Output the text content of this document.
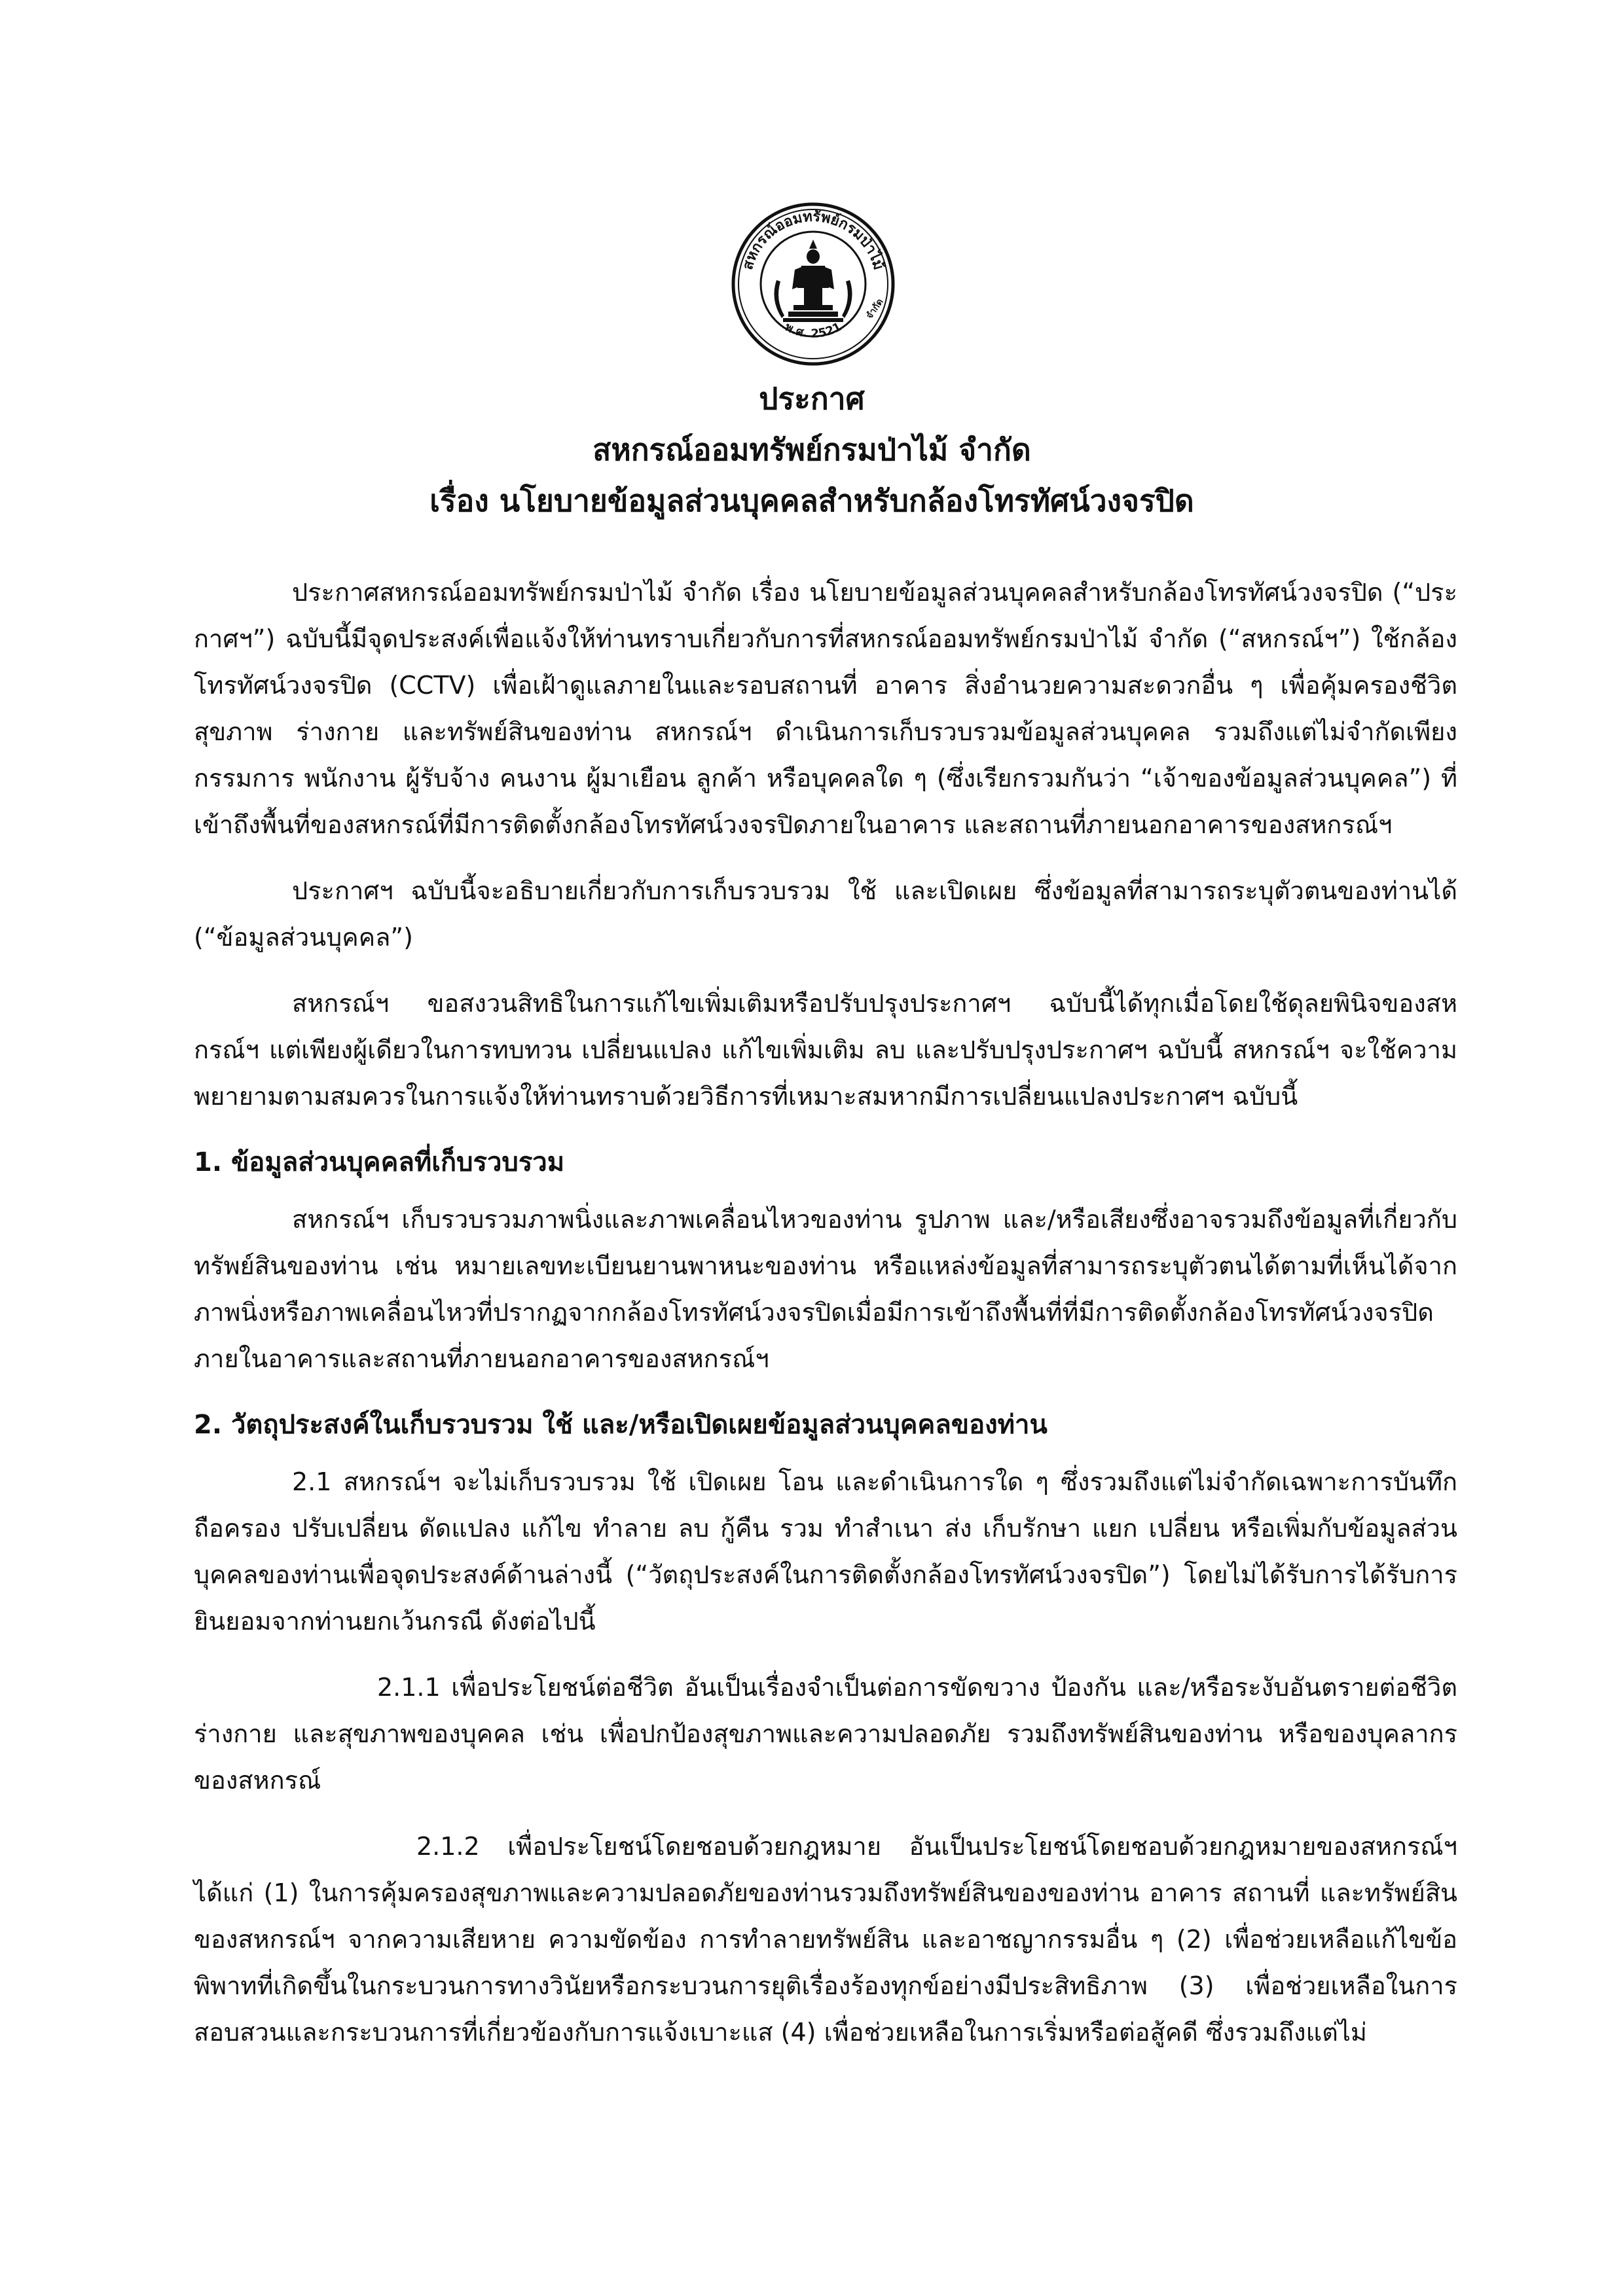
สหกรณ์ออมทรัพย์กรมป่าไม้
พ.ศ. 2521
จำกัด

ประกาศ

สหกรณ์ออมทรัพย์กรมป่าไม้ จำกัด

เรื่อง นโยบายข้อมูลส่วนบุคคลสำหรับกล้องโทรทัศน์วงจรปิด

ประกาศสหกรณ์ออมทรัพย์กรมป่าไม้ จำกัด เรื่อง นโยบายข้อมูลส่วนบุคคลสำหรับกล้องโทรทัศน์วงจรปิด (“ประกาศฯ”) ฉบับนี้มีจุดประสงค์เพื่อแจ้งให้ท่านทราบเกี่ยวกับการที่สหกรณ์ออมทรัพย์กรมป่าไม้ จำกัด (“สหกรณ์ฯ”) ใช้กล้องโทรทัศน์วงจรปิด (CCTV) เพื่อเฝ้าดูแลภายในและรอบสถานที่ อาคาร สิ่งอำนวยความสะดวกอื่น ๆ เพื่อคุ้มครองชีวิต สุขภาพ ร่างกาย และทรัพย์สินของท่าน สหกรณ์ฯ ดำเนินการเก็บรวบรวมข้อมูลส่วนบุคคล รวมถึงแต่ไม่จำกัดเพียงกรรมการ พนักงาน ผู้รับจ้าง คนงาน ผู้มาเยือน ลูกค้า หรือบุคคลใด ๆ (ซึ่งเรียกรวมกันว่า “เจ้าของข้อมูลส่วนบุคคล”) ที่เข้าถึงพื้นที่ของสหกรณ์ที่มีการติดตั้งกล้องโทรทัศน์วงจรปิดภายในอาคาร และสถานที่ภายนอกอาคารของสหกรณ์ฯ

ประกาศฯ ฉบับนี้จะอธิบายเกี่ยวกับการเก็บรวบรวม ใช้ และเปิดเผย ซึ่งข้อมูลที่สามารถระบุตัวตนของท่านได้ (“ข้อมูลส่วนบุคคล”)

สหกรณ์ฯ ขอสงวนสิทธิในการแก้ไขเพิ่มเติมหรือปรับปรุงประกาศฯ ฉบับนี้ได้ทุกเมื่อโดยใช้ดุลยพินิจของสหกรณ์ฯ แต่เพียงผู้เดียวในการทบทวน เปลี่ยนแปลง แก้ไขเพิ่มเติม ลบ และปรับปรุงประกาศฯ ฉบับนี้ สหกรณ์ฯ จะใช้ความพยายามตามสมควรในการแจ้งให้ท่านทราบด้วยวิธีการที่เหมาะสมหากมีการเปลี่ยนแปลงประกาศฯ ฉบับนี้

1. ข้อมูลส่วนบุคคลที่เก็บรวบรวม

สหกรณ์ฯ เก็บรวบรวมภาพนิ่งและภาพเคลื่อนไหวของท่าน รูปภาพ และ/หรือเสียงซึ่งอาจรวมถึงข้อมูลที่เกี่ยวกับทรัพย์สินของท่าน เช่น หมายเลขทะเบียนยานพาหนะของท่าน หรือแหล่งข้อมูลที่สามารถระบุตัวตนได้ตามที่เห็นได้จากภาพนิ่งหรือภาพเคลื่อนไหวที่ปรากฏจากกล้องโทรทัศน์วงจรปิดเมื่อมีการเข้าถึงพื้นที่ที่มีการติดตั้งกล้องโทรทัศน์วงจรปิดภายในอาคารและสถานที่ภายนอกอาคารของสหกรณ์ฯ

2. วัตถุประสงค์ในเก็บรวบรวม ใช้ และ/หรือเปิดเผยข้อมูลส่วนบุคคลของท่าน

2.1 สหกรณ์ฯ จะไม่เก็บรวบรวม ใช้ เปิดเผย โอน และดำเนินการใด ๆ ซึ่งรวมถึงแต่ไม่จำกัดเฉพาะการบันทึก ถือครอง ปรับเปลี่ยน ดัดแปลง แก้ไข ทำลาย ลบ กู้คืน รวม ทำสำเนา ส่ง เก็บรักษา แยก เปลี่ยน หรือเพิ่มกับข้อมูลส่วนบุคคลของท่านเพื่อจุดประสงค์ด้านล่างนี้ (“วัตถุประสงค์ในการติดตั้งกล้องโทรทัศน์วงจรปิด”) โดยไม่ได้รับการได้รับการยินยอมจากท่านยกเว้นกรณี ดังต่อไปนี้

2.1.1 เพื่อประโยชน์ต่อชีวิต อันเป็นเรื่องจำเป็นต่อการขัดขวาง ป้องกัน และ/หรือระงับอันตรายต่อชีวิต ร่างกาย และสุขภาพของบุคคล เช่น เพื่อปกป้องสุขภาพและความปลอดภัย รวมถึงทรัพย์สินของท่าน หรือของบุคลากรของสหกรณ์

2.1.2 เพื่อประโยชน์โดยชอบด้วยกฎหมาย อันเป็นประโยชน์โดยชอบด้วยกฎหมายของสหกรณ์ฯ ได้แก่ (1) ในการคุ้มครองสุขภาพและความปลอดภัยของท่านรวมถึงทรัพย์สินของของท่าน อาคาร สถานที่ และทรัพย์สินของสหกรณ์ฯ จากความเสียหาย ความขัดข้อง การทำลายทรัพย์สิน และอาชญากรรมอื่น ๆ (2) เพื่อช่วยเหลือแก้ไขข้อพิพาทที่เกิดขึ้นในกระบวนการทางวินัยหรือกระบวนการยุติเรื่องร้องทุกข์อย่างมีประสิทธิภาพ (3) เพื่อช่วยเหลือในการสอบสวนและกระบวนการที่เกี่ยวข้องกับการแจ้งเบาะแส (4) เพื่อช่วยเหลือในการเริ่มหรือต่อสู้คดี ซึ่งรวมถึงแต่ไม่
